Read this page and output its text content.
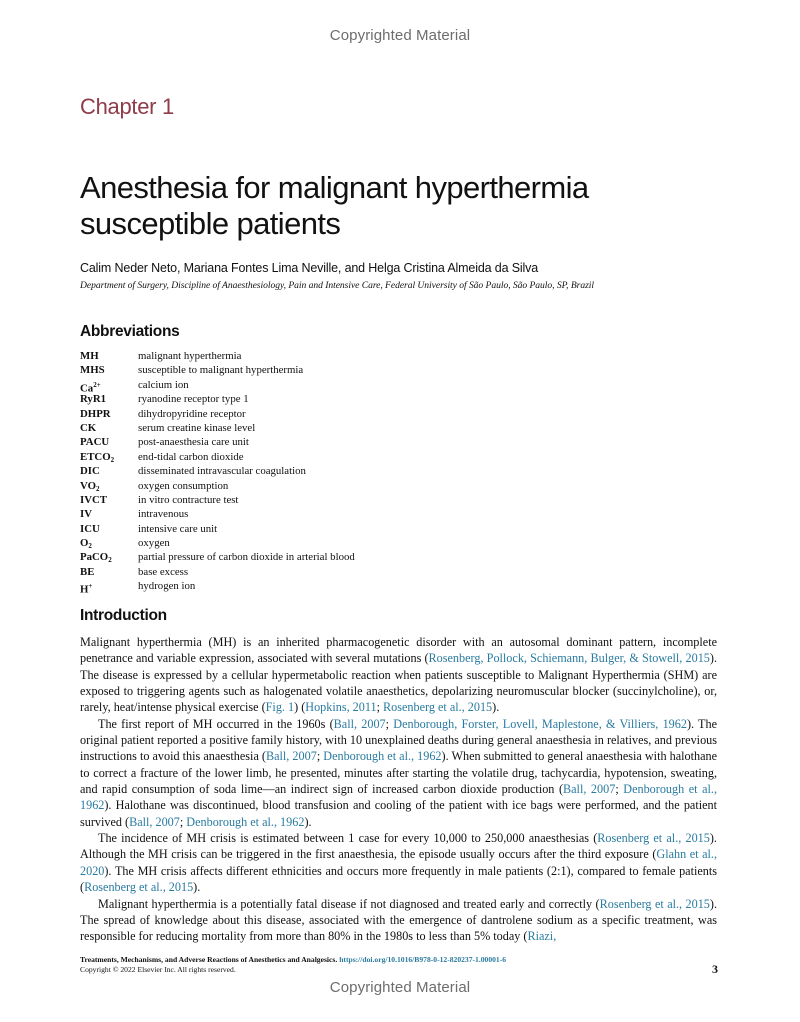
Copyrighted Material
Chapter 1
Anesthesia for malignant hyperthermia
susceptible patients
Calim Neder Neto, Mariana Fontes Lima Neville, and Helga Cristina Almeida da Silva
Department of Surgery, Discipline of Anaesthesiology, Pain and Intensive Care, Federal University of São Paulo, São Paulo, SP, Brazil
Abbreviations
MH	malignant hyperthermia
MHS	susceptible to malignant hyperthermia
$Ca^{2+}$	calcium ion
RyR1	ryanodine receptor type 1
DHPR	dihydropyridine receptor
CK	serum creatine kinase level
PACU	post-anaesthesia care unit
$ETCO_2$	end-tidal carbon dioxide
DIC	disseminated intravascular coagulation
$VO_2$	oxygen consumption
IVCT	in vitro contracture test
IV	intravenous
ICU	intensive care unit
$O_2$	oxygen
PaCO$_2$	partial pressure of carbon dioxide in arterial blood
BE	base excess
H+	hydrogen ion
Introduction

Malignant hyperthermia (MH) is an inherited pharmacogenetic disorder with an autosomal dominant pattern, incomplete penetrance and variable expression, associated with several mutations (Rosenberg, Pollock, Schiemann, Bulger, & Stowell, 2015). The disease is expressed by a cellular hypermetabolic reaction when patients susceptible to Malignant Hyperthermia (SHM) are exposed to triggering agents such as halogenated volatile anaesthetics, depolarizing neuromuscular blocker (succinylcholine), or, rarely, heat/intense physical exercise (Fig. 1) (Hopkins, 2011; Rosenberg et al., 2015).

The first report of MH occurred in the 1960s (Ball, 2007; Denborough, Forster, Lovell, Maplestone, & Villiers, 1962). The original patient reported a positive family history, with 10 unexplained deaths during general anaesthesia in relatives, and previous instructions to avoid this anaesthesia (Ball, 2007; Denborough et al., 1962). When submitted to general anaesthesia with halothane to correct a fracture of the lower limb, he presented, minutes after starting the volatile drug, tachycardia, hypotension, sweating, and rapid consumption of soda lime—an indirect sign of increased carbon dioxide production (Ball, 2007; Denborough et al., 1962). Halothane was discontinued, blood transfusion and cooling of the patient with ice bags were performed, and the patient survived (Ball, 2007; Denborough et al., 1962).

The incidence of MH crisis is estimated between 1 case for every 10,000 to 250,000 anaesthesias (Rosenberg et al., 2015). Although the MH crisis can be triggered in the first anaesthesia, the episode usually occurs after the third exposure (Glahn et al., 2020). The MH crisis affects different ethnicities and occurs more frequently in male patients (2:1), compared to female patients (Rosenberg et al., 2015).

Malignant hyperthermia is a potentially fatal disease if not diagnosed and treated early and correctly (Rosenberg et al., 2015). The spread of knowledge about this disease, associated with the emergence of dantrolene sodium as a specific treatment, was responsible for reducing mortality from more than 80% in the 1980s to less than 5% today (Riazi,

Treatments, Mechanisms, and Adverse Reactions of Anesthetics and Analgesics. https://doi.org/10.1016/B978-0-12-820237-1.00001-6
Copyright © 2022 Elsevier Inc. All rights reserved.	3
Copyrighted Material
